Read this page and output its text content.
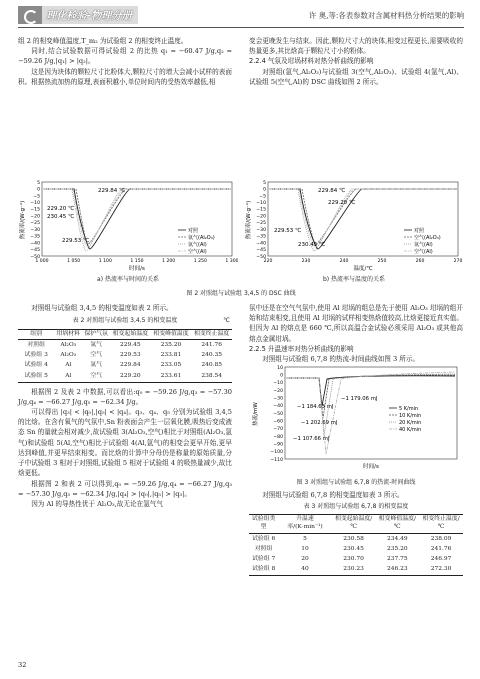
理化检验-物理分册	许 奥,等:各表参数对含属材料热分析结果的影响

组 2 的相变峰值温度,T_m₂ 为试验组 2 的相变终止温度。

同时,结合试验数据可得试验组 2 的比热 q₁ = −60.47 J/g,q₂ = −59.26 J/g,|q₁| > |q₂|。

这是因为块体的颗粒尺寸比粉体大,颗粒尺寸的增大会减小试样的表面积。根据热流加热的原理,表面积越小,单位时间内的受热效率越低,相

变会更晚发生与结束。因此,颗粒尺寸大的块体,相变过程更长,需要吸收的热量更多,其比焓高于颗粒尺寸小的粉体。

2.2.4 气氛及坩埚材料对热分析曲线的影响

对照组(氩气,Al₂O₃)与试验组 3(空气,Al₂O₃)、试验组 4(氩气,Al)、试验组 5(空气,Al)的 DSC 曲线如图 2 所示。

5
0
−5
−10
−15
−20
−25
−30
−35
−40
−45
−50
1 000	1 050	1 100	1 150	1 200	1 250	1 300
229.84 ℃
229.20 ℃
230.45 ℃
229.53 ℃
对照
氩气(Al₂O₃)
氩气(Al)
空气(Al)
时间/s
热流率/(W·g⁻¹)
a) 热流率与时间的关系
5
0
−5
−10
−15
−20
−25
−30
−35
−40
−45
−50
220	230	240	250	260	270
229.84 ℃
229.20 ℃
229.53 ℃
230.45 ℃
对照
空气(Al₂O₃)
氩气(Al)
空气(Al)
温度/℃
热流率/(W·g⁻¹)
b) 热流率与温度的关系
图 2 对照组与试验组 3,4,5 的 DSC 曲线

对照组与试验组 3,4,5 的相变温度如表 2 所示。

表 2 对照组与试验组 3,4,5 的相变温度	℃
组别	坩埚材料	保护气氛	相变起始温度	相变峰值温度	相变终止温度
对照组	Al₂O₃	氩气	229.45	235.20	241.76
试验组 3	Al₂O₃	空气	229.53	233.81	240.35
试验组 4	Al	氩气	229.84	233.05	240.85
试验组 5	Al	空气	229.20	233.61	238.54

根据图 2 及表 2 中数据,可以看出:q₀ = −59.26 J/g,q₃ = −57.30 J/g,q₄ = −66.27 J/g,q₅ = −62.34 J/g。

可以得出 |q₃| < |q₀|,|q₅| < |q₄|。q₃、q₄、q₅ 分别为试验组 3,4,5 的比焓。在含有氧气的气氛中,Sn 粉表面会产生一层氧化膜,吸热后变成液态 Sn 的量就会相对减少,故试验组 3(Al₂O₃,空气)相比于对照组(Al₂O₃,氩气)和试验组 5(Al,空气)相比于试验组 4(Al,氩气)的相变会更早开始,更早达到峰值,并更早结束相变。而比焓的计算中分母仍是称量的原始质量,分子中试验组 3 相对于对照组,试验组 5 相对于试验组 4 的吸热量减少,故比焓更低。

根据图 2 和表 2 可以得到,q₀ = −59.26 J/g,q₄ = −66.27 J/g,q₃ = −57.30 J/g,q₅ = −62.34 J/g,|q₄| > |q₀|,|q₅| > |q₃|。

因为 Al 的导热性优于 Al₂O₃,故无论在氩气气

氛中还是在空气气氛中,使用 Al 坩埚的组总是先于使用 Al₂O₃ 坩埚的组开始和结束相变,且使用 Al 坩埚的试样相变热焓值较高,比焓更接近真实值。但因为 Al 的熔点是 660 ℃,所以高温合金试验必须采用 Al₂O₃ 或其他高熔点金属坩埚。

2.2.5 升温速率对热分析曲线的影响

对照组与试验组 6,7,8 的热流-时间曲线如图 3 所示。

10
0
−10
−20
−30
−40
−50
−60
−70
−80
−90
−100
−110
−1 179.06 mJ
−1 184.63 mJ
−1 202.69 mJ
−1 107.66 mJ
5 K/min
10 K/min
20 K/min
40 K/min
时间/s
热流/mW
图 3 对照组与试验组 6,7,8 的热流-时间曲线

对照组与试验组 6,7,8 的相变温度如表 3 所示。

表 3 对照组与试验组 6,7,8 的相变温度
试验组类型	升温速率/(K·min⁻¹)	相变起始温度/℃	相变峰值温度/℃	相变终止温度/℃
试验组 6	5	230.58	234.49	238.09
对照组	10	230.45	235.20	241.76
试验组 7	20	230.70	237.75	246.97
试验组 8	40	230.23	246.23	272.30
32
